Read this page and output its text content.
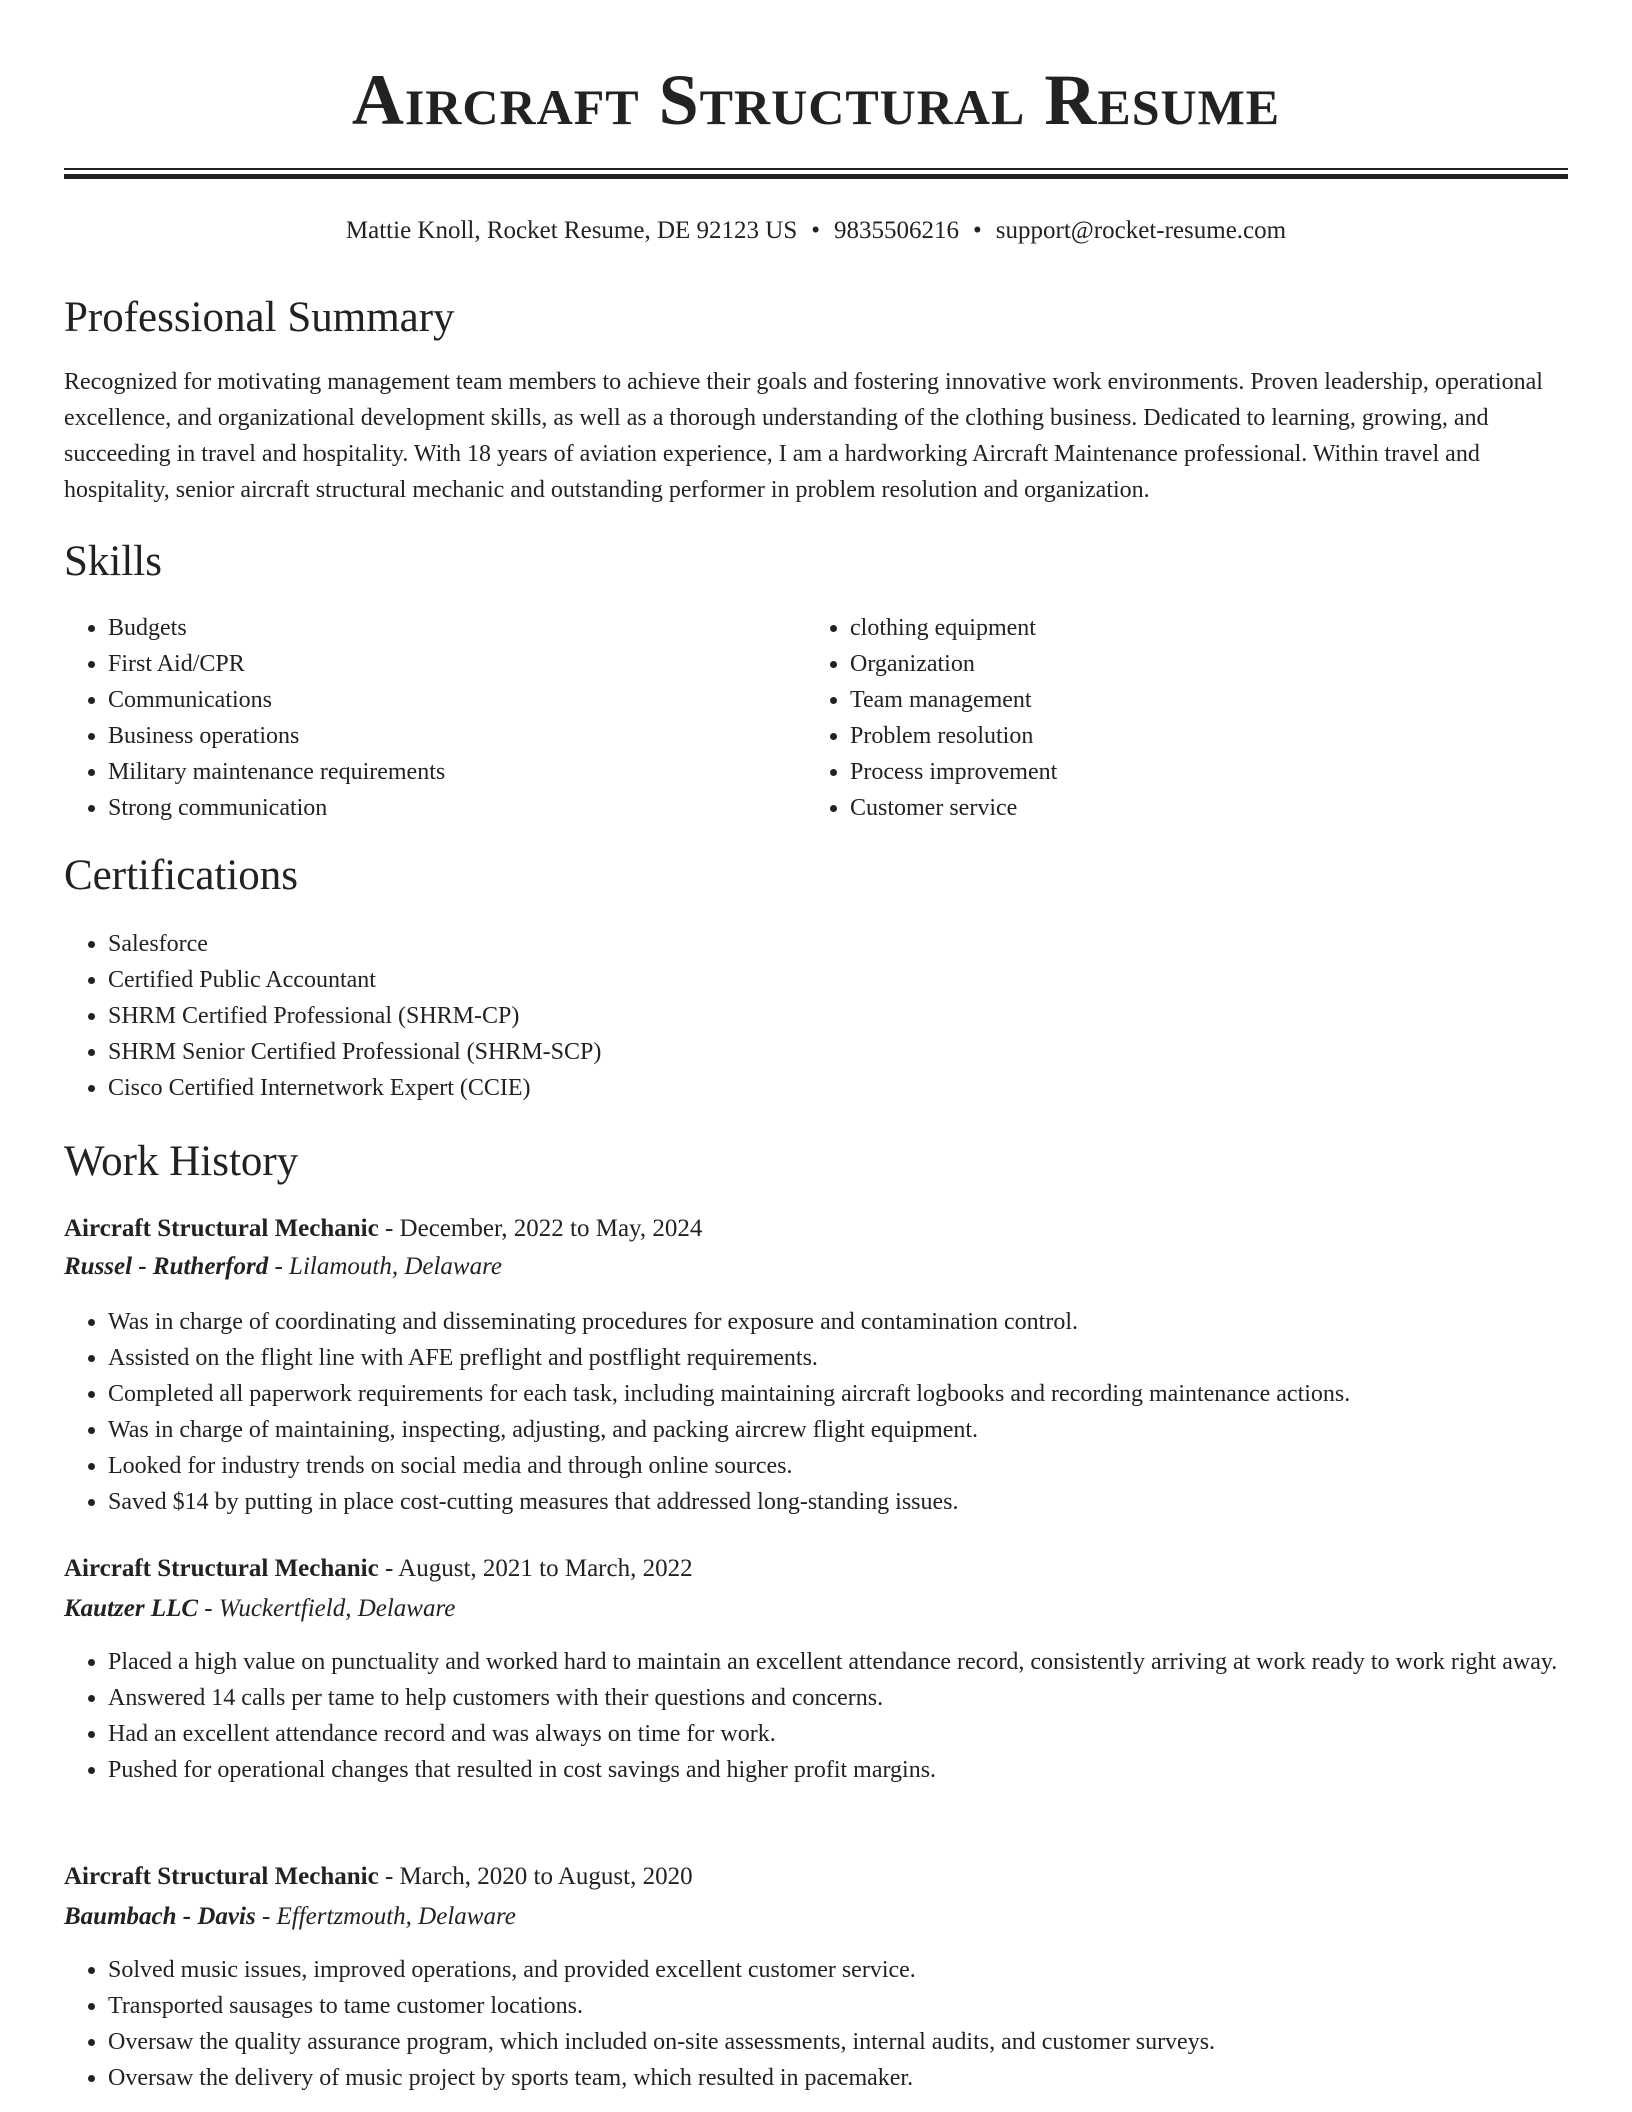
Aircraft Structural Resume
Mattie Knoll, Rocket Resume, DE 92123 US • 9835506216 • support@rocket-resume.com
Professional Summary

Recognized for motivating management team members to achieve their goals and fostering innovative work environments. Proven leadership, operational excellence, and organizational development skills, as well as a thorough understanding of the clothing business. Dedicated to learning, growing, and succeeding in travel and hospitality. With 18 years of aviation experience, I am a hardworking Aircraft Maintenance professional. Within travel and hospitality, senior aircraft structural mechanic and outstanding performer in problem resolution and organization.

Skills
• Budgets
• First Aid/CPR
• Communications
• Business operations
• Military maintenance requirements
• Strong communication
• clothing equipment
• Organization
• Team management
• Problem resolution
• Process improvement
• Customer service
Certifications
• Salesforce
• Certified Public Accountant
• SHRM Certified Professional (SHRM-CP)
• SHRM Senior Certified Professional (SHRM-SCP)
• Cisco Certified Internetwork Expert (CCIE)
Work History
Aircraft Structural Mechanic - December, 2022 to May, 2024
Russel - Rutherford - Lilamouth, Delaware
• Was in charge of coordinating and disseminating procedures for exposure and contamination control.
• Assisted on the flight line with AFE preflight and postflight requirements.
• Completed all paperwork requirements for each task, including maintaining aircraft logbooks and recording maintenance actions.
• Was in charge of maintaining, inspecting, adjusting, and packing aircrew flight equipment.
• Looked for industry trends on social media and through online sources.
• Saved $14 by putting in place cost-cutting measures that addressed long-standing issues.
Aircraft Structural Mechanic - August, 2021 to March, 2022
Kautzer LLC - Wuckertfield, Delaware
• Placed a high value on punctuality and worked hard to maintain an excellent attendance record, consistently arriving at work ready to work right away.
• Answered 14 calls per tame to help customers with their questions and concerns.
• Had an excellent attendance record and was always on time for work.
• Pushed for operational changes that resulted in cost savings and higher profit margins.
Aircraft Structural Mechanic - March, 2020 to August, 2020
Baumbach - Davis - Effertzmouth, Delaware
• Solved music issues, improved operations, and provided excellent customer service.
• Transported sausages to tame customer locations.
• Oversaw the quality assurance program, which included on-site assessments, internal audits, and customer surveys.
• Oversaw the delivery of music project by sports team, which resulted in pacemaker.
